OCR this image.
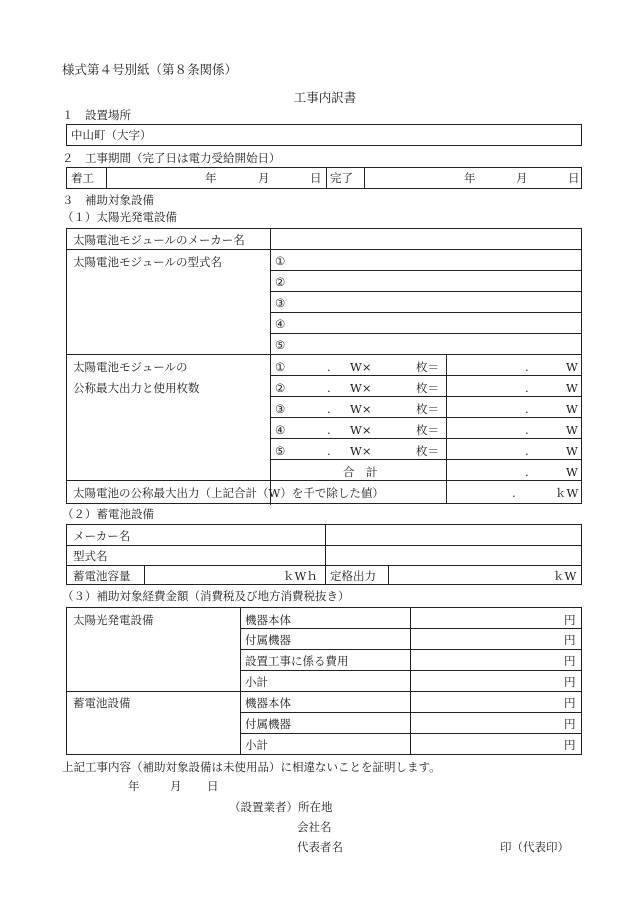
様式第４号別紙（第８条関係）
工事内訳書
１　設置場所
中山町（大字）
２　工事期間（完了日は電力受給開始日）
着工	年	月	日 完了	年	月	日
３　補助対象設備
（１）太陽光発電設備
太陽電池モジュールのメーカー名
太陽電池モジュールの型式名	①
②
③
④
⑤
太陽電池モジュールの
公称最大出力と使用枚数
①	. W×	枚＝	.	W
②	. W×	枚＝	.	W
③	. W×	枚＝	.	W
④	. W×	枚＝	.	W
⑤	. W×	枚＝	.	W
合　計	.	W
太陽電池の公称最大出力（上記合計（W）を千で除した値）	.	ｋW
（２）蓄電池設備
メーカー名
型式名
蓄電池容量	ｋWｈ 定格出力	ｋW
（３）補助対象経費金額（消費税及び地方消費税抜き）
太陽光発電設備	機器本体	円
付属機器	円
設置工事に係る費用	円
小計	円
蓄電池設備	機器本体	円
付属機器	円
小計	円
上記工事内容（補助対象設備は未使用品）に相違ないことを証明します。
年	月 日
（設置業者）所在地
会社名
代表者名	印（代表印）
